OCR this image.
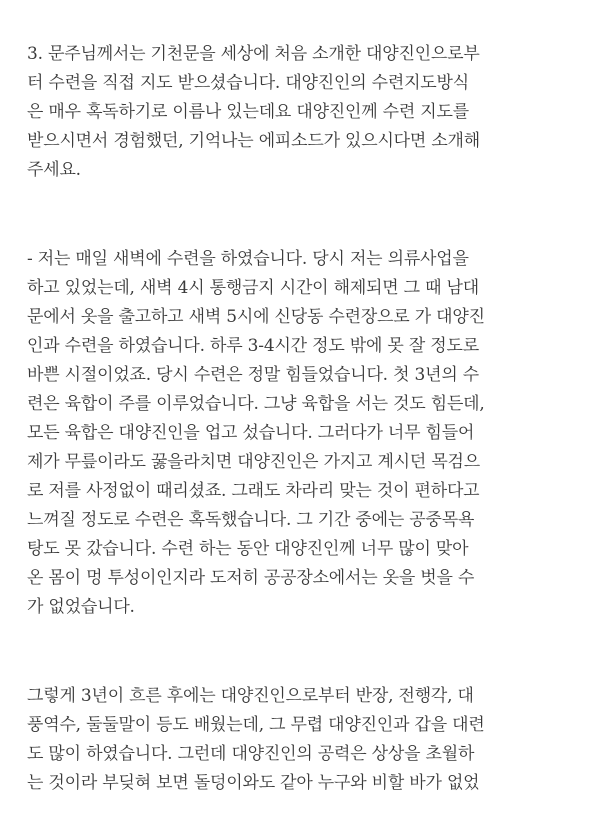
3. 문주님께서는 기천문을 세상에 처음 소개한 대양진인으로부
터 수련을 직접 지도 받으셨습니다. 대양진인의 수련지도방식
은 매우 혹독하기로 이름나 있는데요 대양진인께 수련 지도를
받으시면서 경험했던, 기억나는 에피소드가 있으시다면 소개해
주세요.
- 저는 매일 새벽에 수련을 하였습니다. 당시 저는 의류사업을
하고 있었는데, 새벽 4시 통행금지 시간이 해제되면 그 때 남대
문에서 옷을 출고하고 새벽 5시에 신당동 수련장으로 가 대양진
인과 수련을 하였습니다. 하루 3-4시간 정도 밖에 못 잘 정도로
바쁜 시절이었죠. 당시 수련은 정말 힘들었습니다. 첫 3년의 수
련은 육합이 주를 이루었습니다. 그냥 육합을 서는 것도 힘든데,
모든 육합은 대양진인을 업고 섰습니다. 그러다가 너무 힘들어
제가 무릎이라도 꿇을라치면 대양진인은 가지고 계시던 목검으
로 저를 사정없이 때리셨죠. 그래도 차라리 맞는 것이 편하다고
느껴질 정도로 수련은 혹독했습니다. 그 기간 중에는 공중목욕
탕도 못 갔습니다. 수련 하는 동안 대양진인께 너무 많이 맞아
온 몸이 멍 투성이인지라 도저히 공공장소에서는 옷을 벗을 수
가 없었습니다.
그렇게 3년이 흐른 후에는 대양진인으로부터 반장, 전행각, 대
풍역수, 둘둘말이 등도 배웠는데, 그 무렵 대양진인과 갑을 대련
도 많이 하였습니다. 그런데 대양진인의 공력은 상상을 초월하
는 것이라 부딪혀 보면 돌덩이와도 같아 누구와 비할 바가 없었
